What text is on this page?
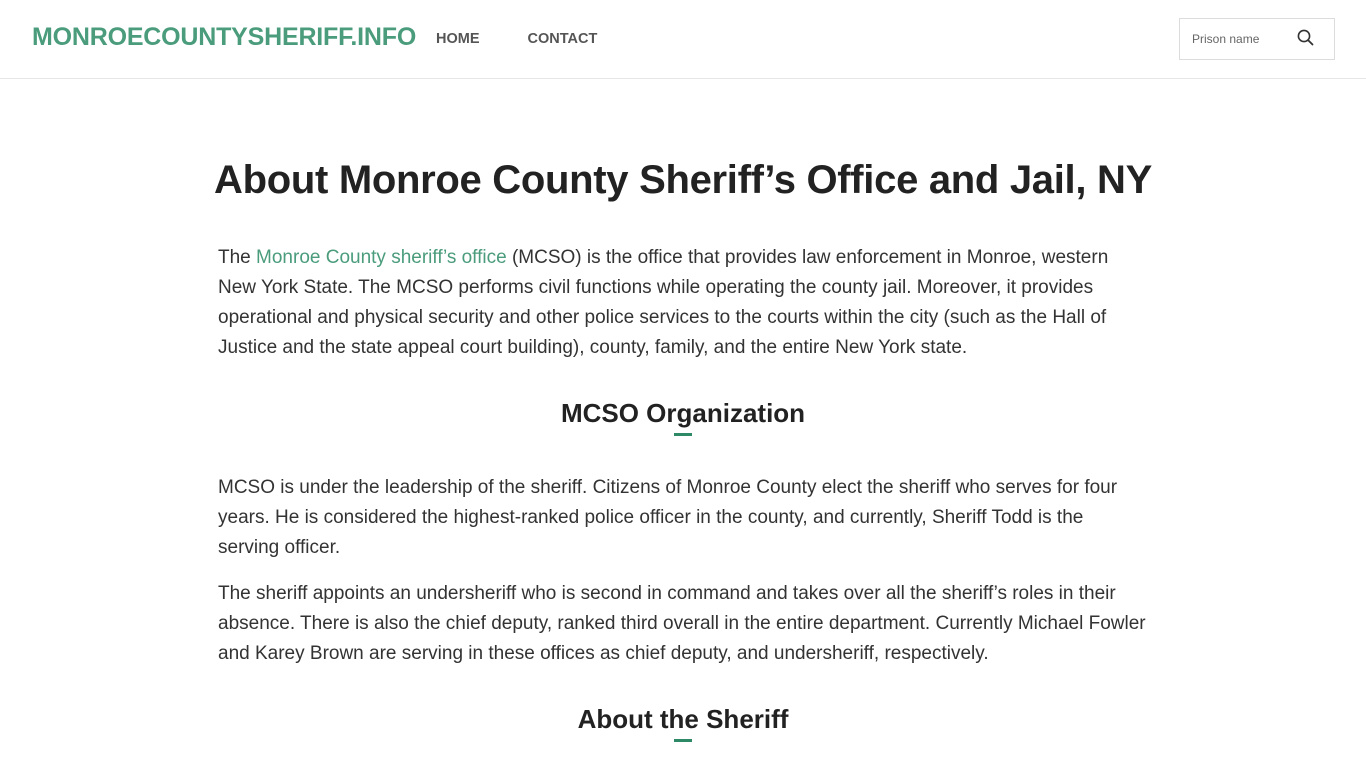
MONROECOUNTYSHERIFF.INFO HOME	CONTACT
Prison name
About Monroe County Sheriff’s Office and Jail, NY

The Monroe County sheriff’s office (MCSO) is the office that provides law enforcement in Monroe, western New York State. The MCSO performs civil functions while operating the county jail. Moreover, it provides operational and physical security and other police services to the courts within the city (such as the Hall of Justice and the state appeal court building), county, family, and the entire New York state.

MCSO Organization

MCSO is under the leadership of the sheriff. Citizens of Monroe County elect the sheriff who serves for four years. He is considered the highest-ranked police officer in the county, and currently, Sheriff Todd is the serving officer.

The sheriff appoints an undersheriff who is second in command and takes over all the sheriff’s roles in their absence. There is also the chief deputy, ranked third overall in the entire department. Currently Michael Fowler and Karey Brown are serving in these offices as chief deputy, and undersheriff, respectively.

About the Sheriff
